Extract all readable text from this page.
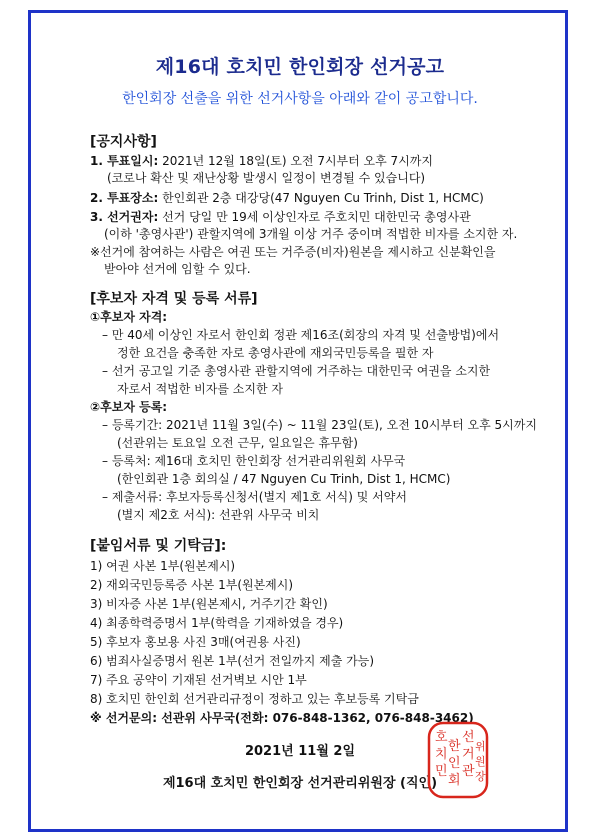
제16대 호치민 한인회장 선거공고
한인회장 선출을 위한 선거사항을 아래와 같이 공고합니다.
[공지사항]
1. 투표일시: 2021년 12월 18일(토) 오전 7시부터 오후 7시까지
(코로나 확산 및 재난상황 발생시 일정이 변경될 수 있습니다)
2. 투표장소: 한인회관 2층 대강당(47 Nguyen Cu Trinh, Dist 1, HCMC)
3. 선거권자: 선거 당일 만 19세 이상인자로 주호치민 대한민국 총영사관
(이하 '총영사관') 관할지역에 3개월 이상 거주 중이며 적법한 비자를 소지한 자.
※선거에 참여하는 사람은 여권 또는 거주증(비자)원본을 제시하고 신분확인을
받아야 선거에 임할 수 있다.
[후보자 자격 및 등록 서류]
①후보자 자격:
– 만 40세 이상인 자로서 한인회 정관 제16조(회장의 자격 및 선출방법)에서
정한 요건을 충족한 자로 총영사관에 재외국민등록을 필한 자
– 선거 공고일 기준 총영사관 관할지역에 거주하는 대한민국 여권을 소지한
자로서 적법한 비자를 소지한 자
②후보자 등록:
– 등록기간: 2021년 11월 3일(수) ~ 11월 23일(토), 오전 10시부터 오후 5시까지
(선관위는 토요일 오전 근무, 일요일은 휴무함)
– 등록처: 제16대 호치민 한인회장 선거관리위원회 사무국
(한인회관 1층 회의실 / 47 Nguyen Cu Trinh, Dist 1, HCMC)
– 제출서류: 후보자등록신청서(별지 제1호 서식) 및 서약서
(별지 제2호 서식): 선관위 사무국 비치
[붙임서류 및 기탁금]:
1) 여권 사본 1부(원본제시)
2) 재외국민등록증 사본 1부(원본제시)
3) 비자증 사본 1부(원본제시, 거주기간 확인)
4) 최종학력증명서 1부(학력을 기재하였을 경우)
5) 후보자 홍보용 사진 3매(여권용 사진)
6) 범죄사실증명서 원본 1부(선거 전일까지 제출 가능)
7) 주요 공약이 기재된 선거벽보 시안 1부
8) 호치민 한인회 선거관리규정이 정하고 있는 후보등록 기탁금
※ 선거문의: 선관위 사무국(전화: 076-848-1362, 076-848-3462)
2021년 11월 2일
제16대 호치민 한인회장 선거관리위원장 (직인)
호 치 민
한 인 회
선 거 관
위 원 장
